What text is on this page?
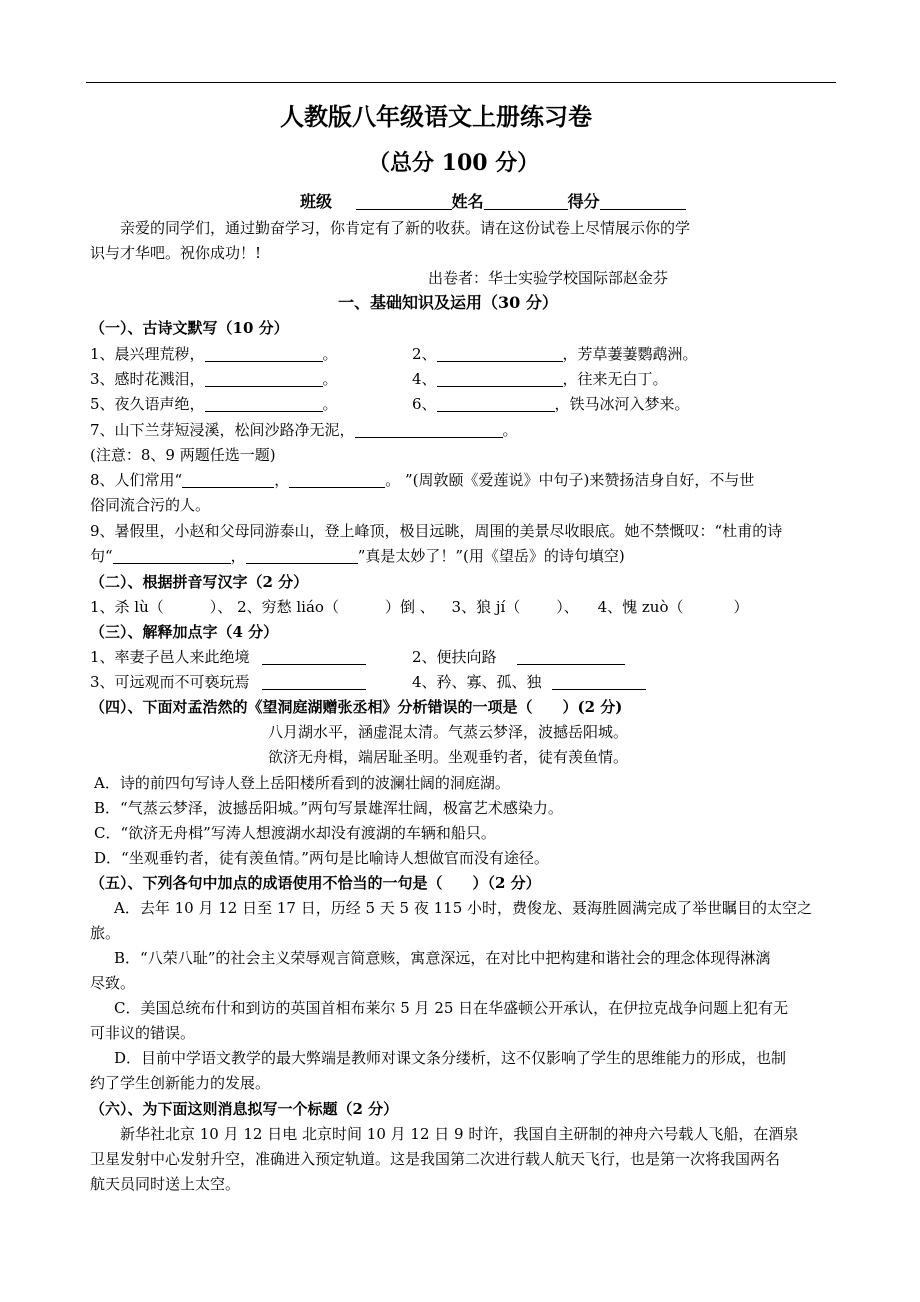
人教版八年级语文上册练习卷
（总分 100 分）
班级	姓名	得分
亲爱的同学们，通过勤奋学习，你肯定有了新的收获。请在这份试卷上尽情展示你的学
识与才华吧。祝你成功！!
出卷者：华士实验学校国际部赵金芬
一、基础知识及运用（30 分）
（一）、古诗文默写（10 分）
1、晨兴理荒秽，	。	2、	，芳草萋萋鹦鹉洲。
3、感时花溅泪，	。	4、	，往来无白丁。
5、夜久语声绝，	。	6、	，铁马冰河入梦来。
7、山下兰芽短浸溪，松间沙路净无泥，	。
(注意：8、9 两题任选一题)
8、人们常用“	，	。 ”(周敦颐《爱莲说》中句子)来赞扬洁身自好，不与世
俗同流合污的人。
9、暑假里，小赵和父母同游泰山，登上峰顶，极目远眺，周围的美景尽收眼底。她不禁慨叹：“杜甫的诗
句“	，	”真是太妙了！”(用《望岳》的诗句填空)
（二）、根据拼音写汉字（2 分）
1、杀 lù（	）、 2、穷愁 liáo（	）倒 、 3、狼 jí（ ）、 4、愧 zuò（	）
（三）、解释加点字（4 分）
1、率妻子邑人来此绝境	2、便扶向路
3、可远观而不可亵玩焉	4、矜、寡、孤、独
（四）、下面对孟浩然的《望洞庭湖赠张丞相》分析错误的一项是（　　）(2 分)
八月湖水平，涵虚混太清。气蒸云梦泽，波撼岳阳城。
欲济无舟楫，端居耻圣明。坐观垂钓者，徒有羡鱼情。
A．诗的前四句写诗人登上岳阳楼所看到的波澜壮阔的洞庭湖。
B．“气蒸云梦泽，波撼岳阳城。”两句写景雄浑壮阔，极富艺术感染力。
C．“欲济无舟楫”写涛人想渡湖水却没有渡湖的车辆和船只。
D．“坐观垂钓者，徒有羡鱼情。”两句是比喻诗人想做官而没有途径。
（五）、下列各句中加点的成语使用不恰当的一句是（　　）（2 分）
A．去年 10 月 12 日至 17 日，历经 5 天 5 夜 115 小时，费俊龙、聂海胜圆满完成了举世瞩目的太空之
旅。
B．“八荣八耻”的社会主义荣辱观言简意赅，寓意深远，在对比中把构建和谐社会的理念体现得淋漓
尽致。
C．美国总统布什和到访的英国首相布莱尔 5 月 25 日在华盛顿公开承认，在伊拉克战争问题上犯有无
可非议的错误。
D．目前中学语文教学的最大弊端是教师对课文条分缕析，这不仅影响了学生的思维能力的形成，也制
约了学生创新能力的发展。
（六）、为下面这则消息拟写一个标题（2 分）
新华社北京 10 月 12 日电 北京时间 10 月 12 日 9 时许，我国自主研制的神舟六号载人飞船，在酒泉
卫星发射中心发射升空，准确进入预定轨道。这是我国第二次进行载人航天飞行，也是第一次将我国两名
航天员同时送上太空。
